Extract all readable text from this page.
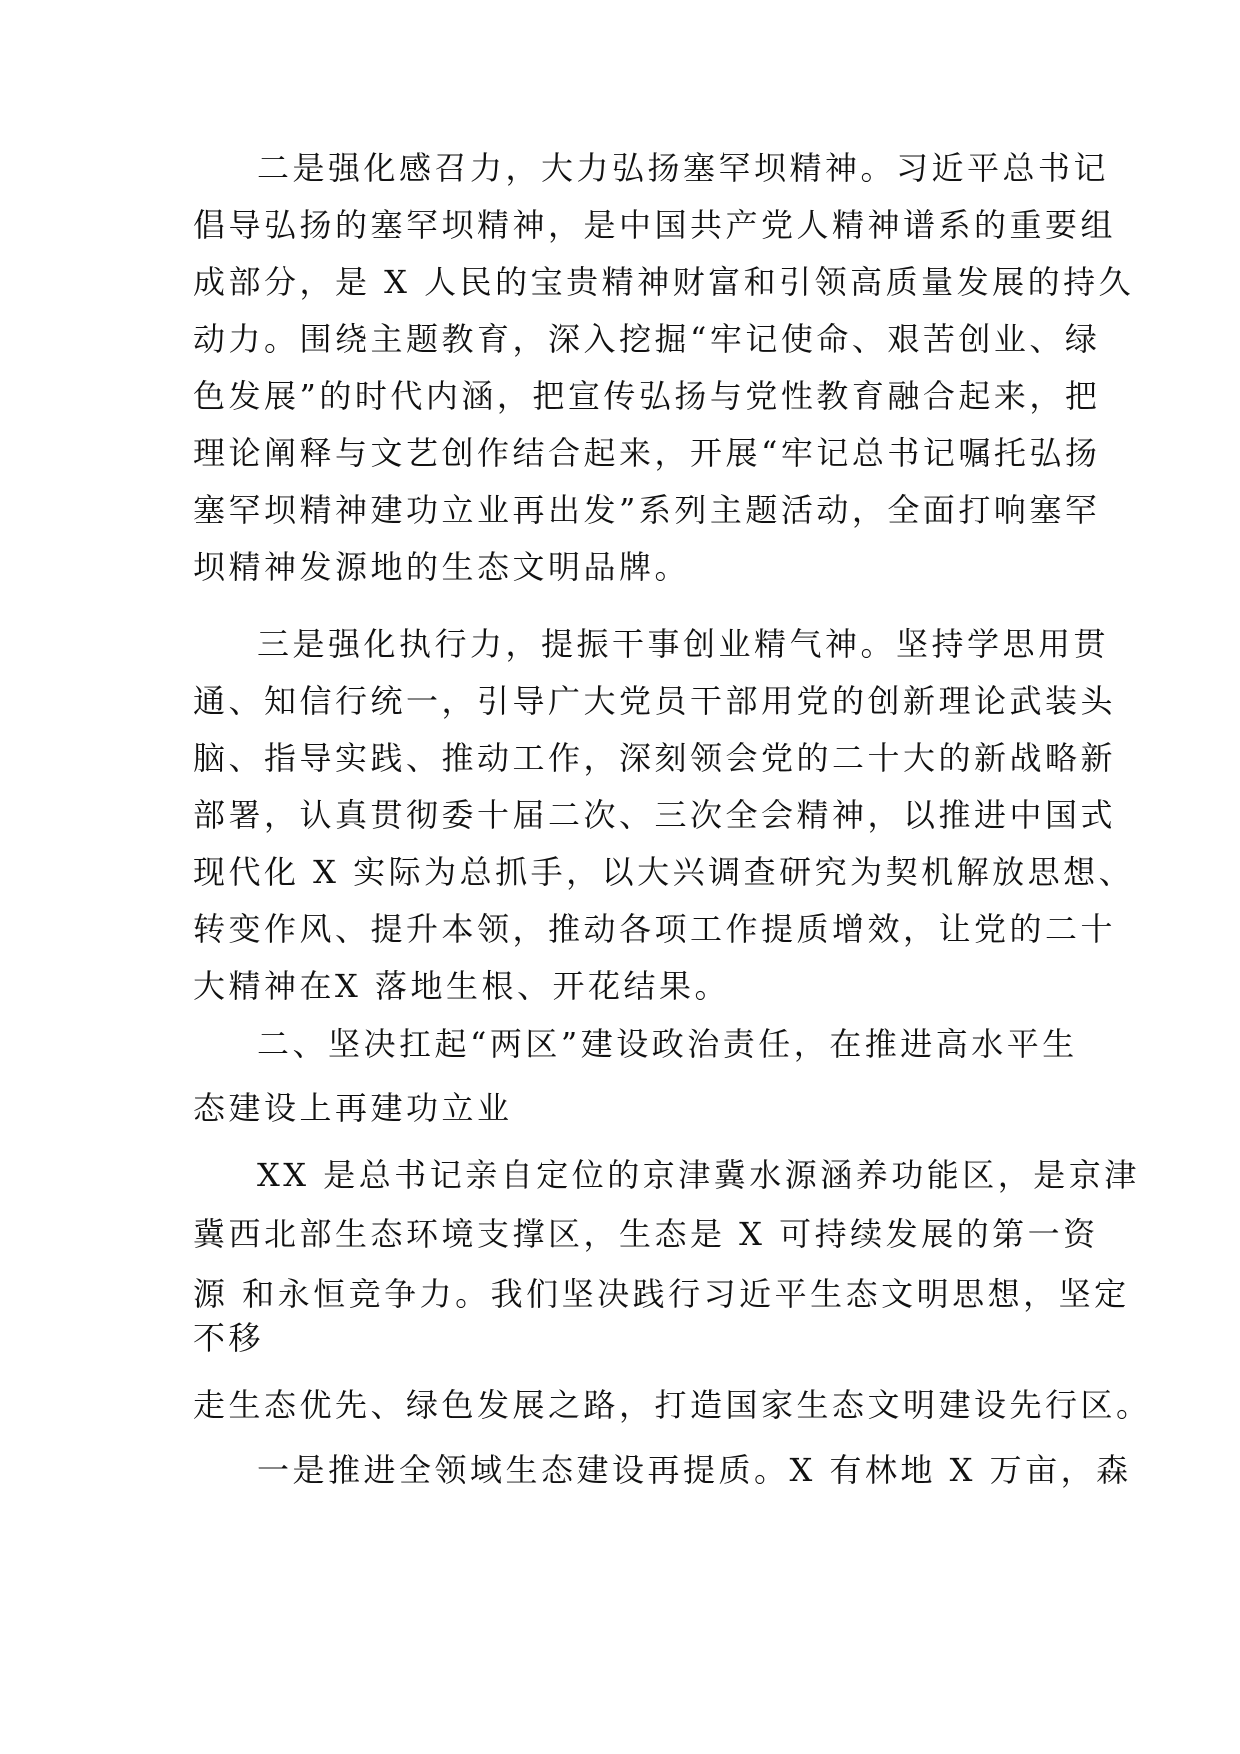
二是强化感召力，大力弘扬塞罕坝精神。习近平总书记
倡导弘扬的塞罕坝精神，是中国共产党人精神谱系的重要组
成部分，是 X 人民的宝贵精神财富和引领高质量发展的持久
动力。围绕主题教育，深入挖掘“牢记使命、艰苦创业、绿
色发展”的时代内涵，把宣传弘扬与党性教育融合起来，把
理论阐释与文艺创作结合起来，开展“牢记总书记嘱托弘扬
塞罕坝精神建功立业再出发”系列主题活动，全面打响塞罕
坝精神发源地的生态文明品牌。
三是强化执行力，提振干事创业精气神。坚持学思用贯
通、知信行统一，引导广大党员干部用党的创新理论武装头
脑、指导实践、推动工作，深刻领会党的二十大的新战略新
部署，认真贯彻委十届二次、三次全会精神，以推进中国式
现代化 X 实际为总抓手，以大兴调查研究为契机解放思想、
转变作风、提升本领，推动各项工作提质增效，让党的二十
大精神在X 落地生根、开花结果。
二、坚决扛起“两区”建设政治责任，在推进高水平生
态建设上再建功立业
XX 是总书记亲自定位的京津冀水源涵养功能区，是京津
冀西北部生态环境支撑区，生态是 X 可持续发展的第一资
源 和永恒竞争力。我们坚决践行习近平生态文明思想，坚定
不移
走生态优先、绿色发展之路，打造国家生态文明建设先行区。
一是推进全领域生态建设再提质。X 有林地 X 万亩，森
